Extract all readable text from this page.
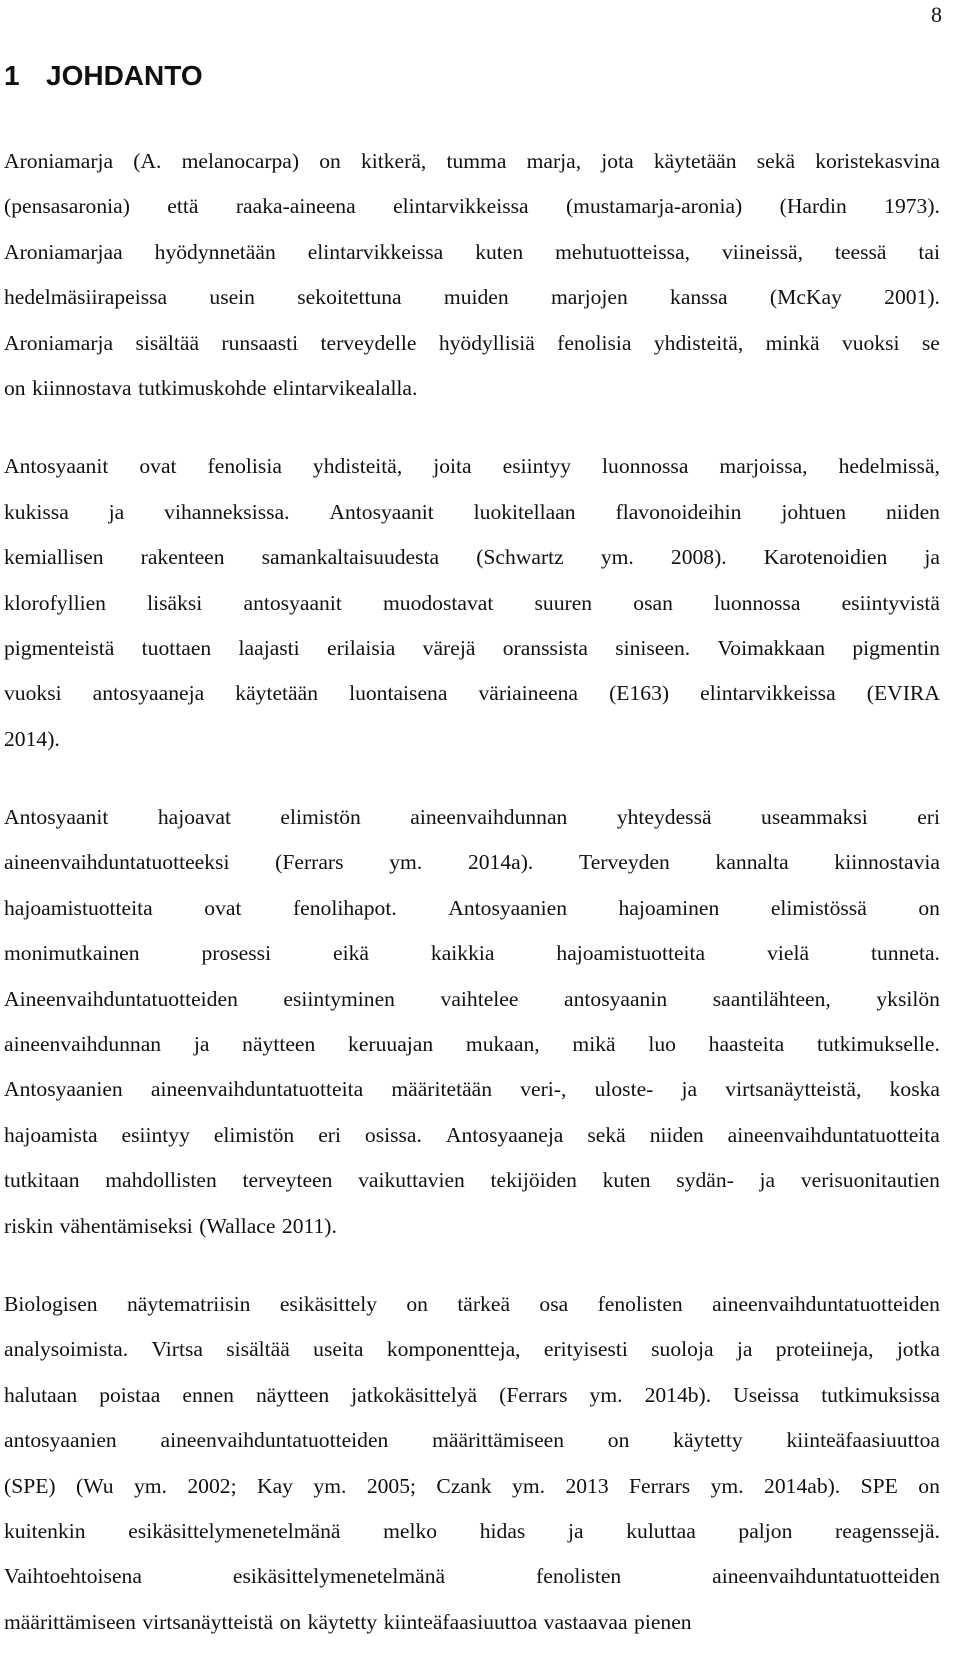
8
1 JOHDANTO
Aroniamarja (A. melanocarpa) on kitkerä, tumma marja, jota käytetään sekä koristekasvina
(pensasaronia) että raaka-aineena elintarvikkeissa (mustamarja-aronia) (Hardin 1973).
Aroniamarjaa hyödynnetään elintarvikkeissa kuten mehutuotteissa, viineissä, teessä tai
hedelmäsiirapeissa usein sekoitettuna muiden marjojen kanssa (McKay 2001).
Aroniamarja sisältää runsaasti terveydelle hyödyllisiä fenolisia yhdisteitä, minkä vuoksi se
on kiinnostava tutkimuskohde elintarvikealalla.
Antosyaanit ovat fenolisia yhdisteitä, joita esiintyy luonnossa marjoissa, hedelmissä,
kukissa ja vihanneksissa. Antosyaanit luokitellaan flavonoideihin johtuen niiden
kemiallisen rakenteen samankaltaisuudesta (Schwartz ym. 2008). Karotenoidien ja
klorofyllien lisäksi antosyaanit muodostavat suuren osan luonnossa esiintyvistä
pigmenteistä tuottaen laajasti erilaisia värejä oranssista siniseen. Voimakkaan pigmentin
vuoksi antosyaaneja käytetään luontaisena väriaineena (E163) elintarvikkeissa (EVIRA
2014).
Antosyaanit hajoavat elimistön aineenvaihdunnan yhteydessä useammaksi eri
aineenvaihduntatuotteeksi (Ferrars ym. 2014a). Terveyden kannalta kiinnostavia
hajoamistuotteita ovat fenolihapot. Antosyaanien hajoaminen elimistössä on
monimutkainen	prosessi	eikä	kaikkia	hajoamistuotteita	vielä	tunneta.
Aineenvaihduntatuotteiden esiintyminen vaihtelee antosyaanin saantilähteen, yksilön
aineenvaihdunnan ja näytteen keruuajan mukaan, mikä luo haasteita tutkimukselle.
Antosyaanien aineenvaihduntatuotteita määritetään veri-, uloste- ja virtsanäytteistä, koska
hajoamista esiintyy elimistön eri osissa. Antosyaaneja sekä niiden aineenvaihduntatuotteita
tutkitaan mahdollisten terveyteen vaikuttavien tekijöiden kuten sydän- ja verisuonitautien
riskin vähentämiseksi (Wallace 2011).
Biologisen näytematriisin esikäsittely on tärkeä osa fenolisten aineenvaihduntatuotteiden
analysoimista. Virtsa sisältää useita komponentteja, erityisesti suoloja ja proteiineja, jotka
halutaan poistaa ennen näytteen jatkokäsittelyä (Ferrars ym. 2014b). Useissa tutkimuksissa
antosyaanien aineenvaihduntatuotteiden määrittämiseen on käytetty kiinteäfaasiuuttoa
(SPE) (Wu ym. 2002; Kay ym. 2005; Czank ym. 2013 Ferrars ym. 2014ab). SPE on
kuitenkin esikäsittelymenetelmänä melko hidas ja kuluttaa paljon reagenssejä.
Vaihtoehtoisena	esikäsittelymenetelmänä	fenolisten	aineenvaihduntatuotteiden
määrittämiseen virtsanäytteistä on käytetty kiinteäfaasiuuttoa vastaavaa pienen
